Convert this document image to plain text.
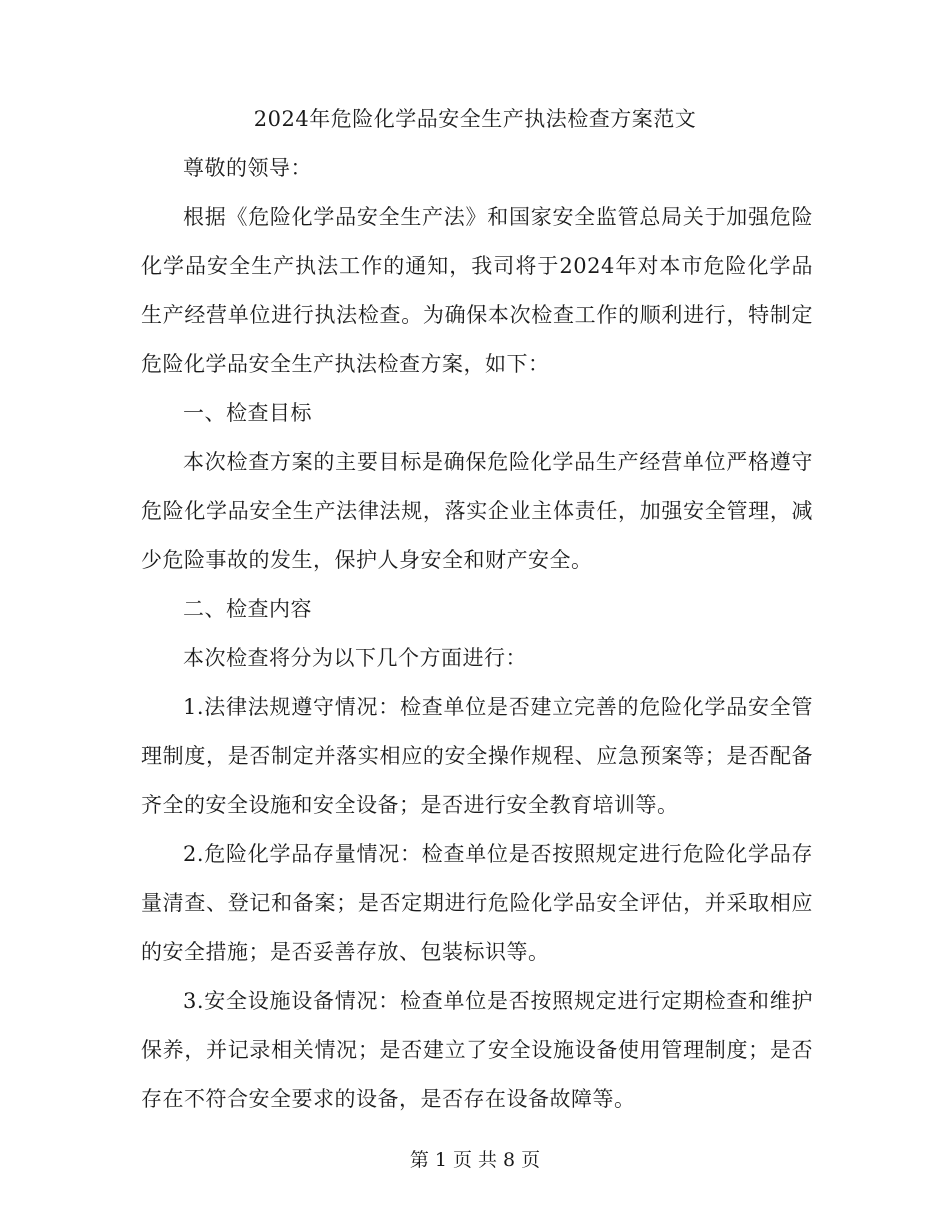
2024年危险化学品安全生产执法检查方案范文

尊敬的领导：

根据《危险化学品安全生产法》和国家安全监管总局关于加强危险化学品安全生产执法工作的通知，我司将于2024年对本市危险化学品生产经营单位进行执法检查。为确保本次检查工作的顺利进行，特制定危险化学品安全生产执法检查方案，如下：

一、检查目标

本次检查方案的主要目标是确保危险化学品生产经营单位严格遵守危险化学品安全生产法律法规，落实企业主体责任，加强安全管理，减少危险事故的发生，保护人身安全和财产安全。

二、检查内容

本次检查将分为以下几个方面进行：

1.法律法规遵守情况：检查单位是否建立完善的危险化学品安全管理制度，是否制定并落实相应的安全操作规程、应急预案等；是否配备齐全的安全设施和安全设备；是否进行安全教育培训等。

2.危险化学品存量情况：检查单位是否按照规定进行危险化学品存量清查、登记和备案；是否定期进行危险化学品安全评估，并采取相应的安全措施；是否妥善存放、包装标识等。

3.安全设施设备情况：检查单位是否按照规定进行定期检查和维护保养，并记录相关情况；是否建立了安全设施设备使用管理制度；是否存在不符合安全要求的设备，是否存在设备故障等。

第 1 页 共 8 页
